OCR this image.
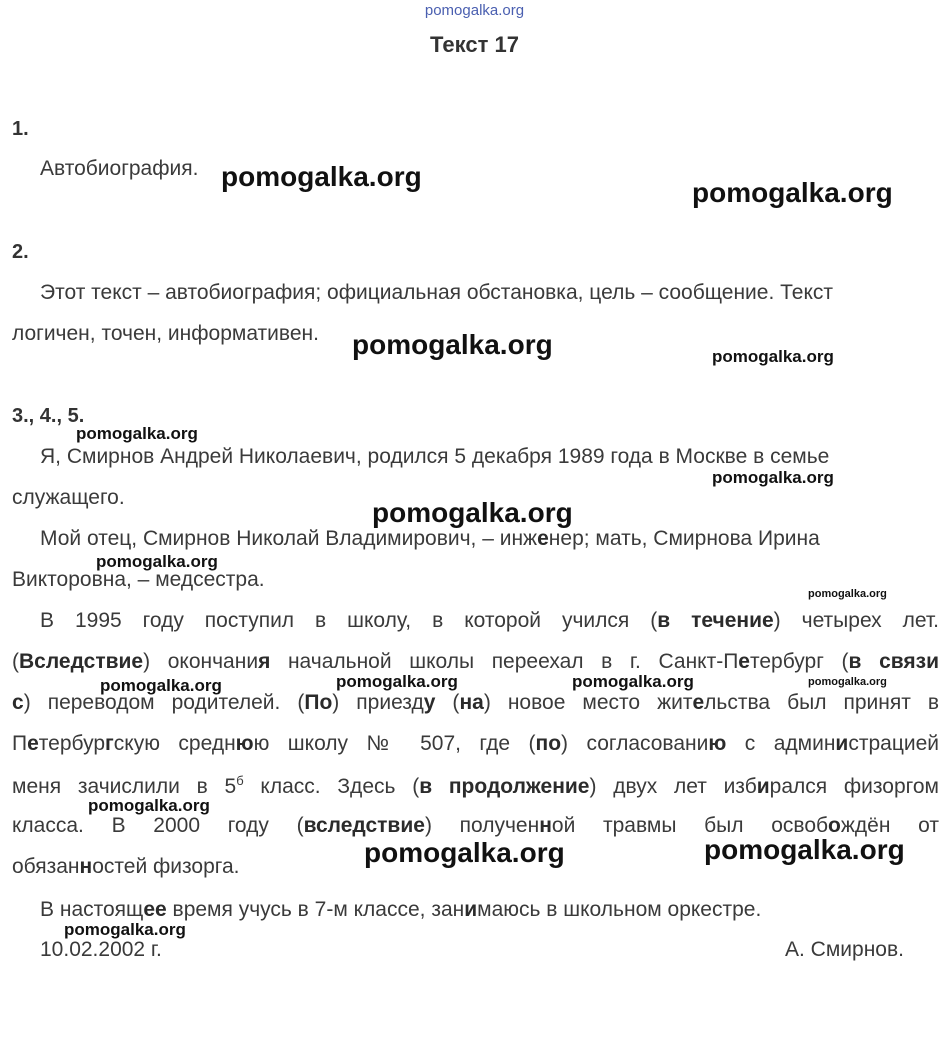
pomogalka.org
Текст 17
1.
Автобиография.
2.
Этот текст – автобиография; официальная обстановка, цель – сообщение. Текст
логичен, точен, информативен.
3., 4., 5.
Я, Смирнов Андрей Николаевич, родился 5 декабря 1989 года в Москве в семье
служащего.
Мой отец, Смирнов Николай Владимирович, – инженер; мать, Смирнова Ирина
Викторовна, – медсестра.
В 1995 году поступил в школу, в которой учился (в течение) четырех лет.
(Вследствие) окончания начальной школы переехал в г. Санкт-Петербург (в связи
с) переводом родителей. (По) приезду (на) новое место жительства был принят в
Петербургскую среднюю школу № 507, где (по) согласованию с администрацией
меня зачислили в $5^б$ класс. Здесь (в продолжение) двух лет избирался физоргом
класса. В 2000 году (вследствие) полученной травмы был освобождён от
обязанностей физорга.
В настоящее время учусь в 7-м классе, занимаюсь в школьном оркестре.
10.02.2002 г.	А. Смирнов.
pomogalka.org
pomogalka.org
pomogalka.org	pomogalka.org
pomogalka.org
pomogalka.org
pomogalka.org
pomogalka.org
pomogalka.org
pomogalka.org	pomogalka.org	pomogalka.org	pomogalka.org
pomogalka.org
pomogalka.org	pomogalka.org
pomogalka.org
